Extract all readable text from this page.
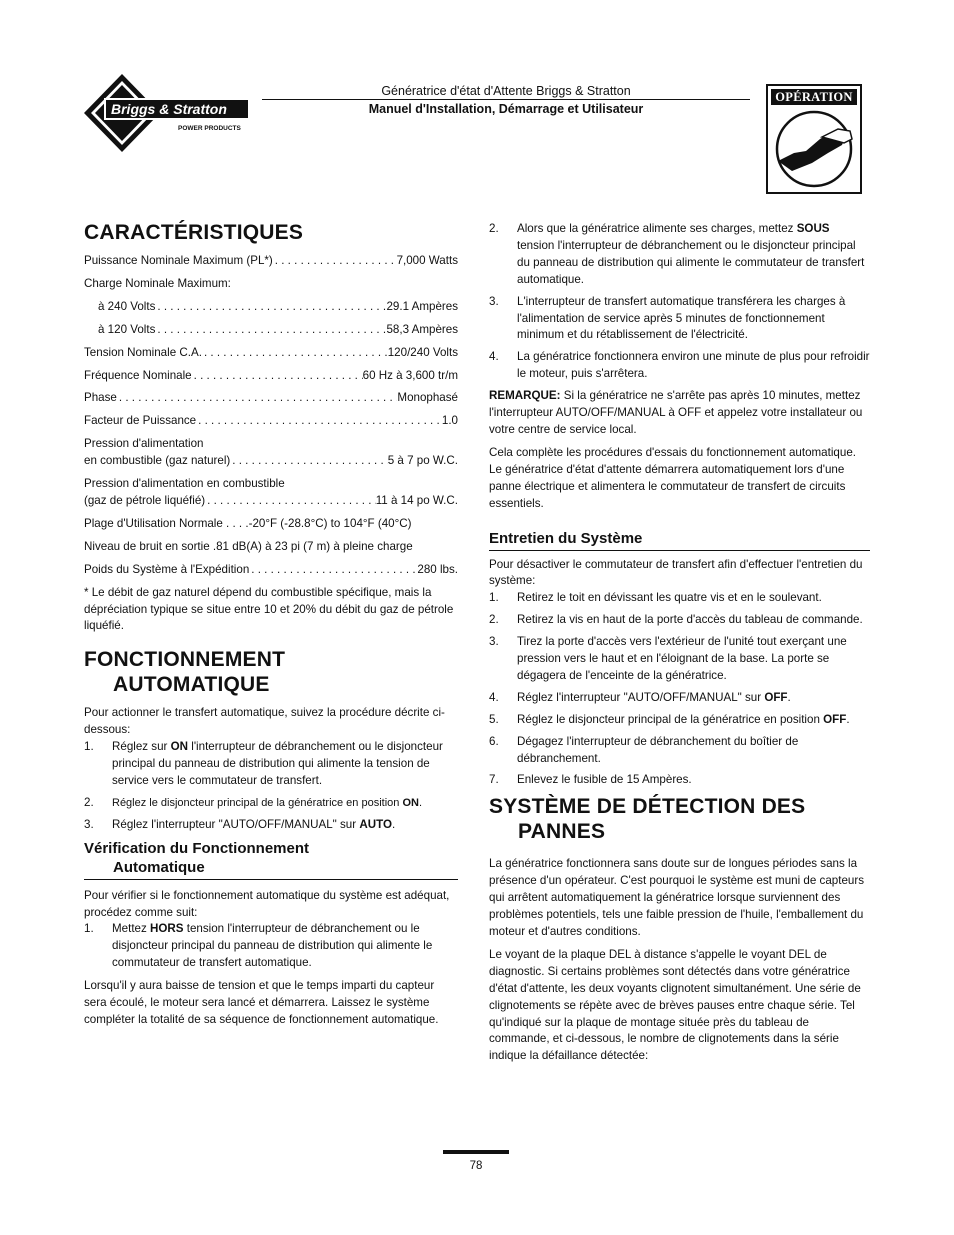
Briggs & Stratton
POWER PRODUCTS
Génératrice d'état d'Attente Briggs & Stratton
Manuel d'Installation, Démarrage et Utilisateur
OPÉRATION
CARACTÉRISTIQUES
Puissance Nominale Maximum (PL*) . . .	7,000 Watts
Charge Nominale Maximum:
à 240 Volts . . .	29.1 Ampères
à 120 Volts . . .	58,3 Ampères
Tension Nominale C.A. . . .	120/240 Volts
Fréquence Nominale . . .	60 Hz à 3,600 tr/m
Phase . . .	Monophasé
Facteur de Puissance . . .	1.0
Pression d'alimentation
en combustible (gaz naturel) . . .	5 à 7 po W.C.
Pression d'alimentation en combustible
(gaz de pétrole liquéfié) . . .	11 à 14 po W.C.
Plage d'Utilisation Normale . . . .-20°F (-28.8°C) to 104°F (40°C)
Niveau de bruit en sortie .81 dB(A) à 23 pi (7 m) à pleine charge
Poids du Système à l'Expédition . . .	280 lbs.

* Le débit de gaz naturel dépend du combustible spécifique, mais la dépréciation typique se situe entre 10 et 20% du débit du gaz de pétrole liquéfié.

FONCTIONNEMENT
AUTOMATIQUE

Pour actionner le transfert automatique, suivez la procédure décrite ci-dessous:

1.	Réglez sur ON l'interrupteur de débranchement ou le disjoncteur principal du panneau de distribution qui alimente la tension de service vers le commutateur de transfert.
2.	Réglez le disjoncteur principal de la génératrice en position ON.
3.	Réglez l'interrupteur "AUTO/OFF/MANUAL" sur AUTO.
Vérification du Fonctionnement
Automatique

Pour vérifier si le fonctionnement automatique du système est adéquat, procédez comme suit:

1.	Mettez HORS tension l'interrupteur de débranchement ou le disjoncteur principal du panneau de distribution qui alimente le commutateur de transfert automatique.

Lorsqu'il y aura baisse de tension et que le temps imparti du capteur sera écoulé, le moteur sera lancé et démarrera. Laissez le système compléter la totalité de sa séquence de fonctionnement automatique.

2.	Alors que la génératrice alimente ses charges, mettez SOUS tension l'interrupteur de débranchement ou le disjoncteur principal du panneau de distribution qui alimente le commutateur de transfert automatique.
3.	L'interrupteur de transfert automatique transférera les charges à l'alimentation de service après 5 minutes de fonctionnement minimum et du rétablissement de l'électricité.
4.	La génératrice fonctionnera environ une minute de plus pour refroidir le moteur, puis s'arrêtera.

REMARQUE: Si la génératrice ne s'arrête pas après 10 minutes, mettez l'interrupteur AUTO/OFF/MANUAL à OFF et appelez votre installateur ou votre centre de service local.

Cela complète les procédures d'essais du fonctionnement automatique. Le génératrice d'état d'attente démarrera automatiquement lors d'une panne électrique et alimentera le commutateur de transfert de circuits essentiels.

Entretien du Système

Pour désactiver le commutateur de transfert afin d'effectuer l'entretien du système:

1.	Retirez le toit en dévissant les quatre vis et en le soulevant.
2.	Retirez la vis en haut de la porte d'accès du tableau de commande.
3.	Tirez la porte d'accès vers l'extérieur de l'unité tout exerçant une pression vers le haut et en l'éloignant de la base. La porte se dégagera de l'enceinte de la génératrice.
4.	Réglez l'interrupteur "AUTO/OFF/MANUAL" sur OFF.
5.	Réglez le disjoncteur principal de la génératrice en position OFF.
6.	Dégagez l'interrupteur de débranchement du boîtier de débranchement.
7.	Enlevez le fusible de 15 Ampères.
SYSTÈME DE DÉTECTION DES
PANNES

La génératrice fonctionnera sans doute sur de longues périodes sans la présence d'un opérateur. C'est pourquoi le système est muni de capteurs qui arrêtent automatiquement la génératrice lorsque surviennent des problèmes potentiels, tels une faible pression de l'huile, l'emballement du moteur et d'autres conditions.

Le voyant de la plaque DEL à distance s'appelle le voyant DEL de diagnostic. Si certains problèmes sont détectés dans votre génératrice d'état d'attente, les deux voyants clignotent simultanément. Une série de clignotements se répète avec de brèves pauses entre chaque série. Tel qu'indiqué sur la plaque de montage située près du tableau de commande, et ci-dessous, le nombre de clignotements dans la série indique la défaillance détectée:

78
